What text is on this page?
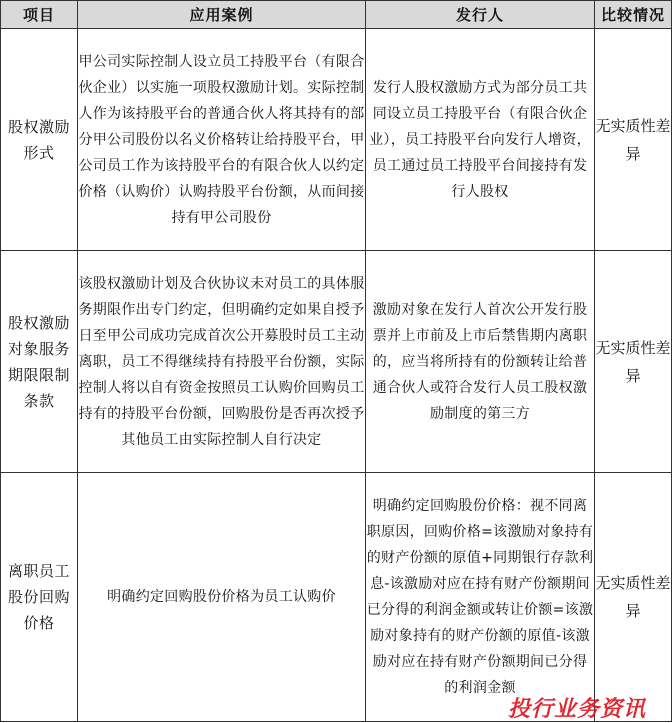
项目	应用案例	发行人	比较情况
股权激励形式	甲公司实际控制人设立员工持股平台（有限合伙企业）以实施一项股权激励计划。实际控制人作为该持股平台的普通合伙人将其持有的部分甲公司股份以名义价格转让给持股平台，甲公司员工作为该持股平台的有限合伙人以约定价格（认购价）认购持股平台份额，从而间接持有甲公司股份	发行人股权激励方式为部分员工共同设立员工持股平台（有限合伙企业），员工持股平台向发行人增资，员工通过员工持股平台间接持有发行人股权	无实质性差异
股权激励对象服务期限限制条款	该股权激励计划及合伙协议未对员工的具体服务期限作出专门约定，但明确约定如果自授予日至甲公司成功完成首次公开募股时员工主动离职，员工不得继续持有持股平台份额，实际控制人将以自有资金按照员工认购价回购员工持有的持股平台份额，回购股份是否再次授予其他员工由实际控制人自行决定	激励对象在发行人首次公开发行股票并上市前及上市后禁售期内离职的，应当将所持有的份额转让给普通合伙人或符合发行人员工股权激励制度的第三方	无实质性差异
离职员工股份回购价格	明确约定回购股份价格为员工认购价	明确约定回购股份价格：视不同离职原因，回购价格=该激励对象持有的财产份额的原值+同期银行存款利息-该激励对应在持有财产份额期间已分得的利润金额或转让价额=该激励对象持有的财产份额的原值-该激励对应在持有财产份额期间已分得的利润金额	无实质性差异
投行业务资讯
